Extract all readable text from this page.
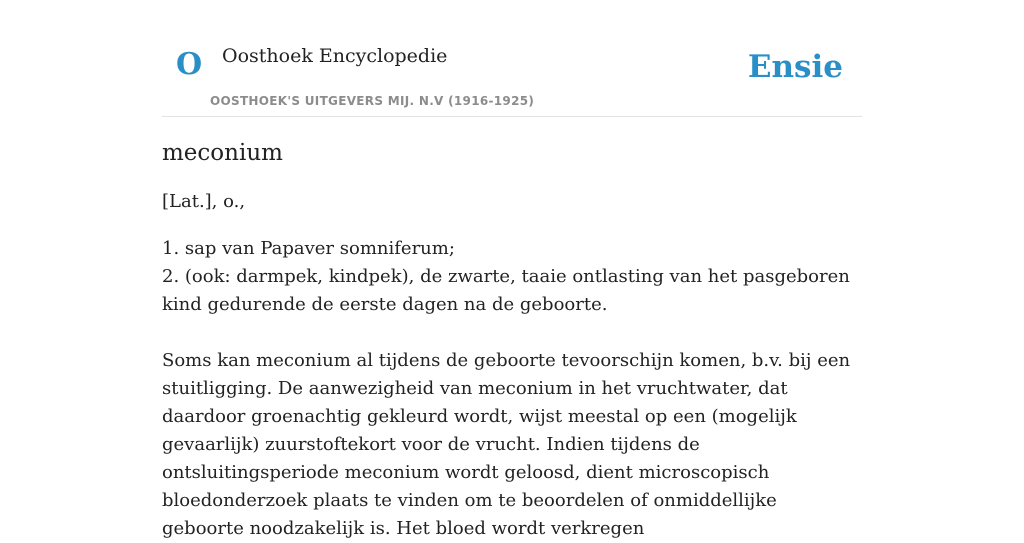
O Oosthoek Encyclopedie
OOSTHOEK'S UITGEVERS MIJ. N.V (1916-1925)
Ensie
meconium
[Lat.], o.,

1. sap van Papaver somniferum;

2. (ook: darmpek, kindpek), de zwarte, taaie ontlasting van het pasgeboren kind gedurende de eerste dagen na de geboorte.

Soms kan meconium al tijdens de geboorte tevoorschijn komen, b.v. bij een stuitligging. De aanwezigheid van meconium in het vruchtwater, dat daardoor groenachtig gekleurd wordt, wijst meestal op een (mogelijk gevaarlijk) zuurstoftekort voor de vrucht. Indien tijdens de ontsluitingsperiode meconium wordt geloosd, dient microscopisch bloedonderzoek plaats te vinden om te beoordelen of onmiddellijke geboorte noodzakelijk is. Het bloed wordt verkregen
